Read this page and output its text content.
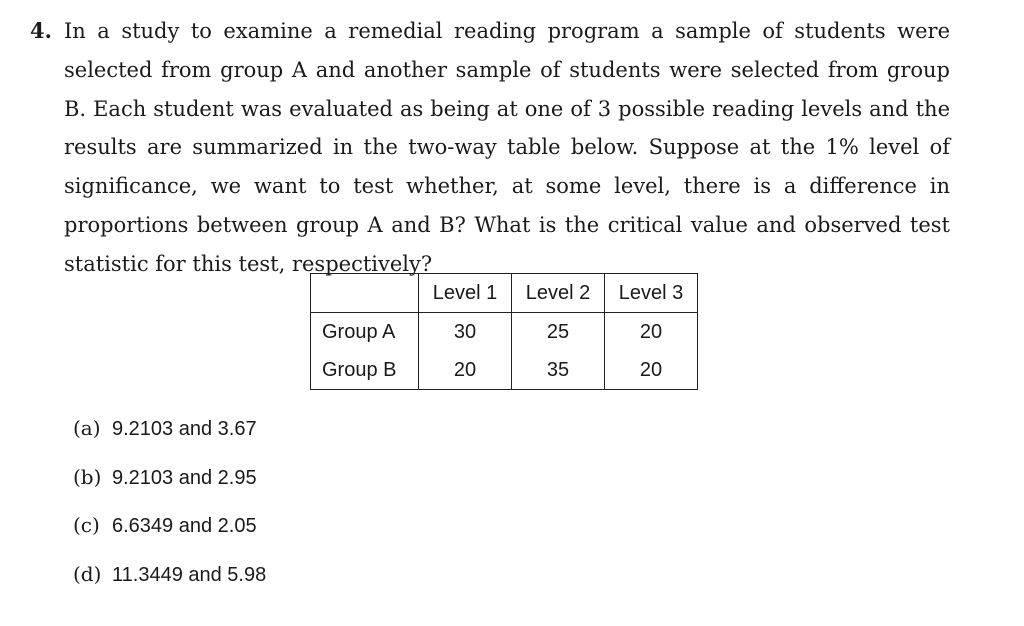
4. In a study to examine a remedial reading program a sample of students were selected from group A and another sample of students were selected from group B. Each student was evaluated as being at one of 3 possible reading levels and the results are summarized in the two-way table below. Suppose at the 1% level of significance, we want to test whether, at some level, there is a difference in proportions between group A and B? What is the critical value and observed test statistic for this test, respectively?
	Level 1	Level 2	Level 3
Group A	30	25	20
Group B	20	35	20
(a) 9.2103 and 3.67
(b) 9.2103 and 2.95
(c) 6.6349 and 2.05
(d) 11.3449 and 5.98
